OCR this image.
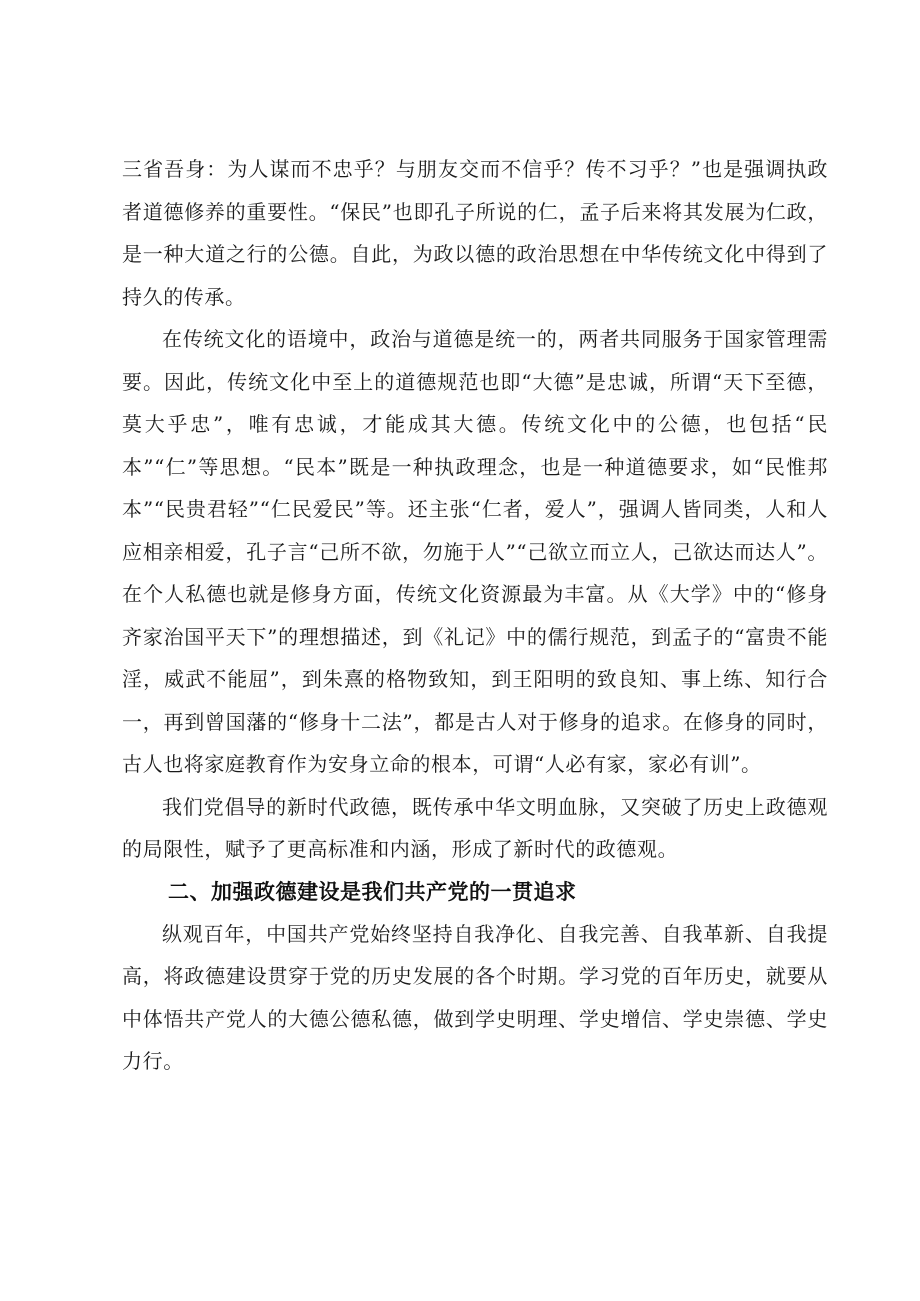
三省吾身：为人谋而不忠乎？与朋友交而不信乎？传不习乎？”也是强调执政者道德修养的重要性。“保民”也即孔子所说的仁，孟子后来将其发展为仁政，是一种大道之行的公德。自此，为政以德的政治思想在中华传统文化中得到了持久的传承。

在传统文化的语境中，政治与道德是统一的，两者共同服务于国家管理需要。因此，传统文化中至上的道德规范也即“大德”是忠诚，所谓“天下至德，莫大乎忠”，唯有忠诚，才能成其大德。传统文化中的公德，也包括“民本”“仁”等思想。“民本”既是一种执政理念，也是一种道德要求，如“民惟邦本”“民贵君轻”“仁民爱民”等。还主张“仁者，爱人”，强调人皆同类，人和人应相亲相爱，孔子言“己所不欲，勿施于人”“己欲立而立人，己欲达而达人”。在个人私德也就是修身方面，传统文化资源最为丰富。从《大学》中的“修身齐家治国平天下”的理想描述，到《礼记》中的儒行规范，到孟子的“富贵不能淫，威武不能屈”，到朱熹的格物致知，到王阳明的致良知、事上练、知行合一，再到曾国藩的“修身十二法”，都是古人对于修身的追求。在修身的同时，古人也将家庭教育作为安身立命的根本，可谓“人必有家，家必有训”。

我们党倡导的新时代政德，既传承中华文明血脉，又突破了历史上政德观的局限性，赋予了更高标准和内涵，形成了新时代的政德观。

二、加强政德建设是我们共产党的一贯追求

纵观百年，中国共产党始终坚持自我净化、自我完善、自我革新、自我提高，将政德建设贯穿于党的历史发展的各个时期。学习党的百年历史，就要从中体悟共产党人的大德公德私德，做到学史明理、学史增信、学史崇德、学史力行。
